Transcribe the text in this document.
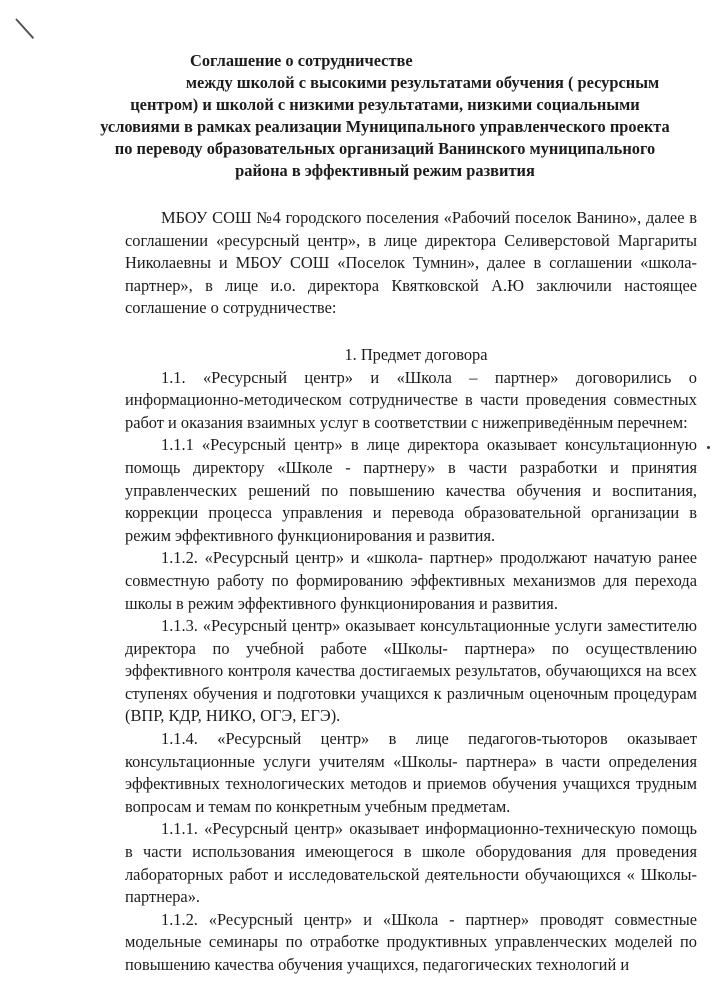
Соглашение о сотрудничестве
между школой с высокими результатами обучения ( ресурсным центром) и школой с низкими результатами, низкими социальными условиями в рамках реализации Муниципального управленческого проекта по переводу образовательных организаций Ванинского муниципального района в эффективный режим развития

МБОУ СОШ №4 городского поселения «Рабочий поселок Ванино», далее в соглашении «ресурсный центр», в лице директора Селиверстовой Маргариты Николаевны и МБОУ СОШ «Поселок Тумнин», далее в соглашении «школа-партнер», в лице и.о. директора Квятковской А.Ю заключили настоящее соглашение о сотрудничестве:

1. Предмет договора

1.1. «Ресурсный центр» и «Школа – партнер» договорились о информационно-методическом сотрудничестве в части проведения совместных работ и оказания взаимных услуг в соответствии с нижеприведённым перечнем:

1.1.1 «Ресурсный центр» в лице директора оказывает консультационную помощь директору «Школе - партнеру» в части разработки и принятия управленческих решений по повышению качества обучения и воспитания, коррекции процесса управления и перевода образовательной организации в режим эффективного функционирования и развития.

1.1.2. «Ресурсный центр» и «школа- партнер» продолжают начатую ранее совместную работу по формированию эффективных механизмов для перехода школы в режим эффективного функционирования и развития.

1.1.3. «Ресурсный центр» оказывает консультационные услуги заместителю директора по учебной работе «Школы- партнера» по осуществлению эффективного контроля качества достигаемых результатов, обучающихся на всех ступенях обучения и подготовки учащихся к различным оценочным процедурам (ВПР, КДР, НИКО, ОГЭ, ЕГЭ).

1.1.4. «Ресурсный центр» в лице педагогов-тьюторов оказывает консультационные услуги учителям «Школы- партнера» в части определения эффективных технологических методов и приемов обучения учащихся трудным вопросам и темам по конкретным учебным предметам.

1.1.1. «Ресурсный центр» оказывает информационно-техническую помощь в части использования имеющегося в школе оборудования для проведения лабораторных работ и исследовательской деятельности обучающихся « Школы- партнера».

1.1.2. «Ресурсный центр» и «Школа - партнер» проводят совместные модельные семинары по отработке продуктивных управленческих моделей по повышению качества обучения учащихся, педагогических технологий и
